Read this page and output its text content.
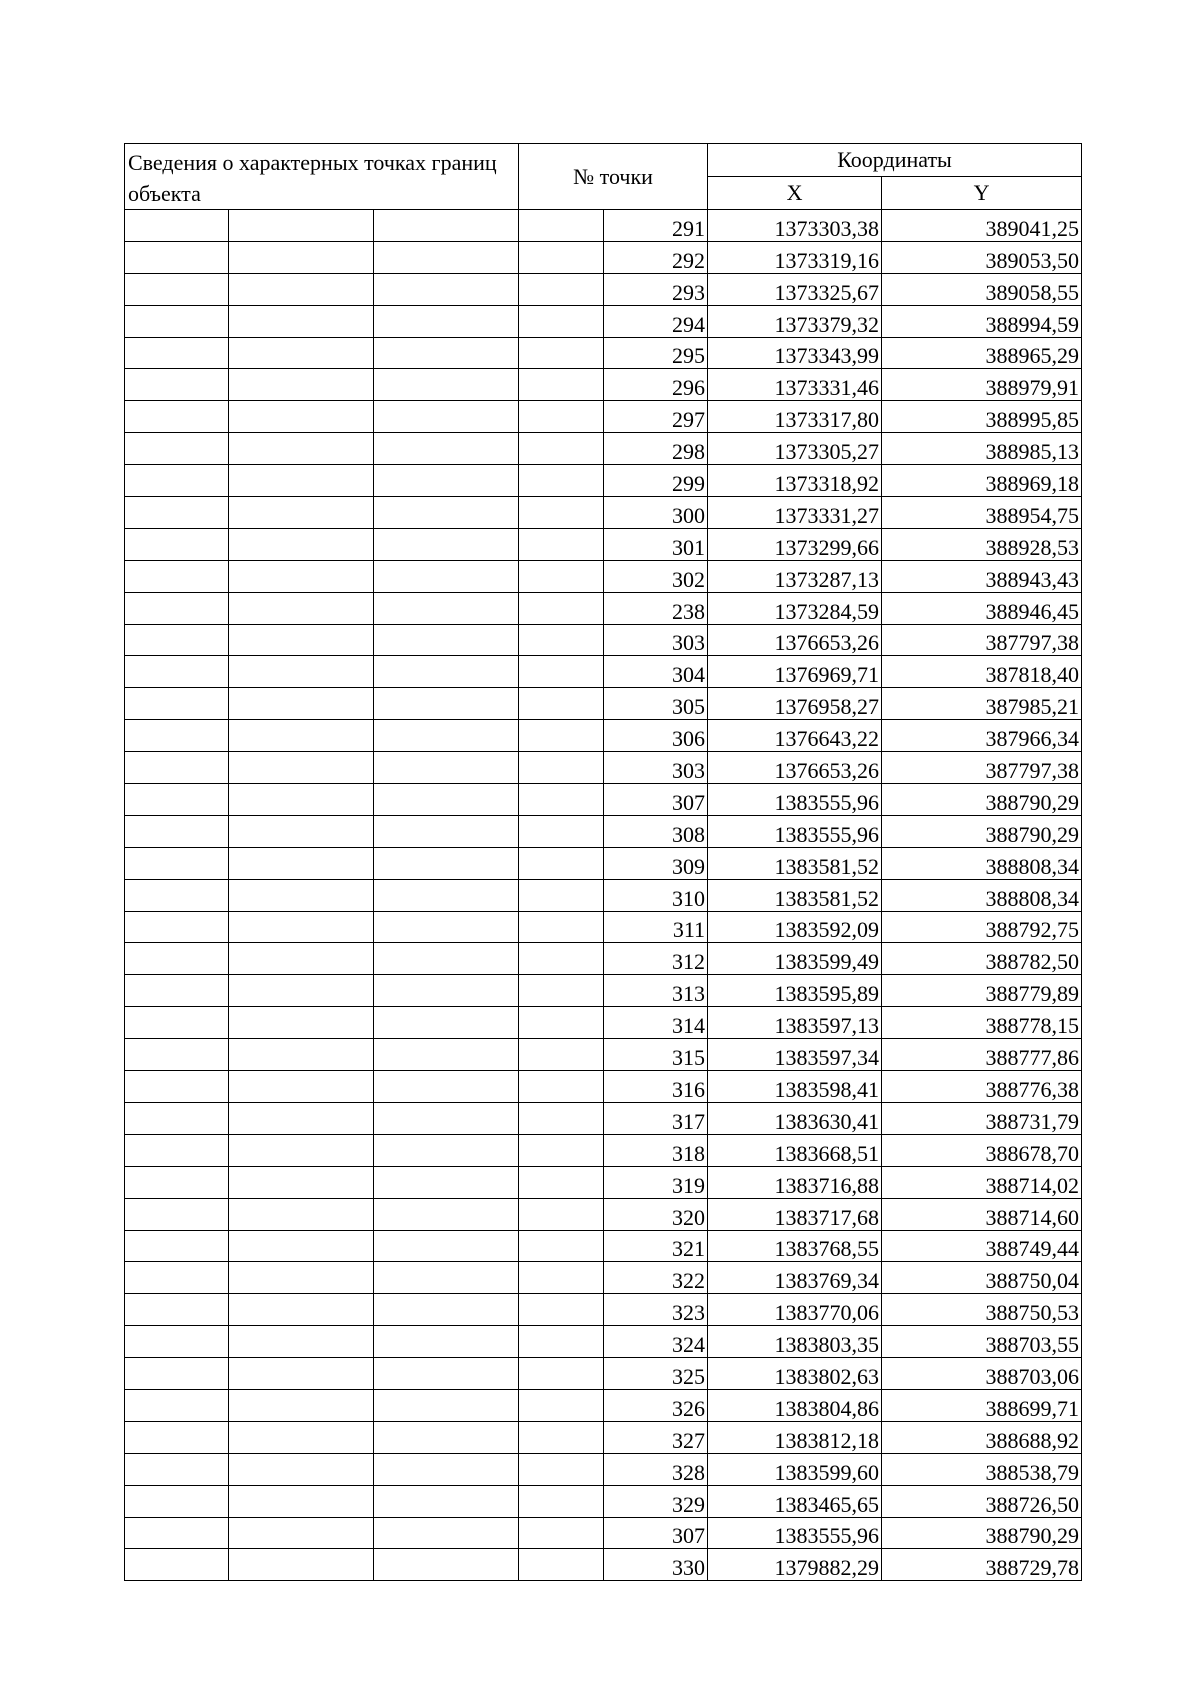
Сведения о характерных точках границ объекта			№ точки		Координаты	
					X	Y
				291	1373303,38	389041,25
				292	1373319,16	389053,50
				293	1373325,67	389058,55
				294	1373379,32	388994,59
				295	1373343,99	388965,29
				296	1373331,46	388979,91
				297	1373317,80	388995,85
				298	1373305,27	388985,13
				299	1373318,92	388969,18
				300	1373331,27	388954,75
				301	1373299,66	388928,53
				302	1373287,13	388943,43
				238	1373284,59	388946,45
				303	1376653,26	387797,38
				304	1376969,71	387818,40
				305	1376958,27	387985,21
				306	1376643,22	387966,34
				303	1376653,26	387797,38
				307	1383555,96	388790,29
				308	1383555,96	388790,29
				309	1383581,52	388808,34
				310	1383581,52	388808,34
				311	1383592,09	388792,75
				312	1383599,49	388782,50
				313	1383595,89	388779,89
				314	1383597,13	388778,15
				315	1383597,34	388777,86
				316	1383598,41	388776,38
				317	1383630,41	388731,79
				318	1383668,51	388678,70
				319	1383716,88	388714,02
				320	1383717,68	388714,60
				321	1383768,55	388749,44
				322	1383769,34	388750,04
				323	1383770,06	388750,53
				324	1383803,35	388703,55
				325	1383802,63	388703,06
				326	1383804,86	388699,71
				327	1383812,18	388688,92
				328	1383599,60	388538,79
				329	1383465,65	388726,50
				307	1383555,96	388790,29
				330	1379882,29	388729,78
